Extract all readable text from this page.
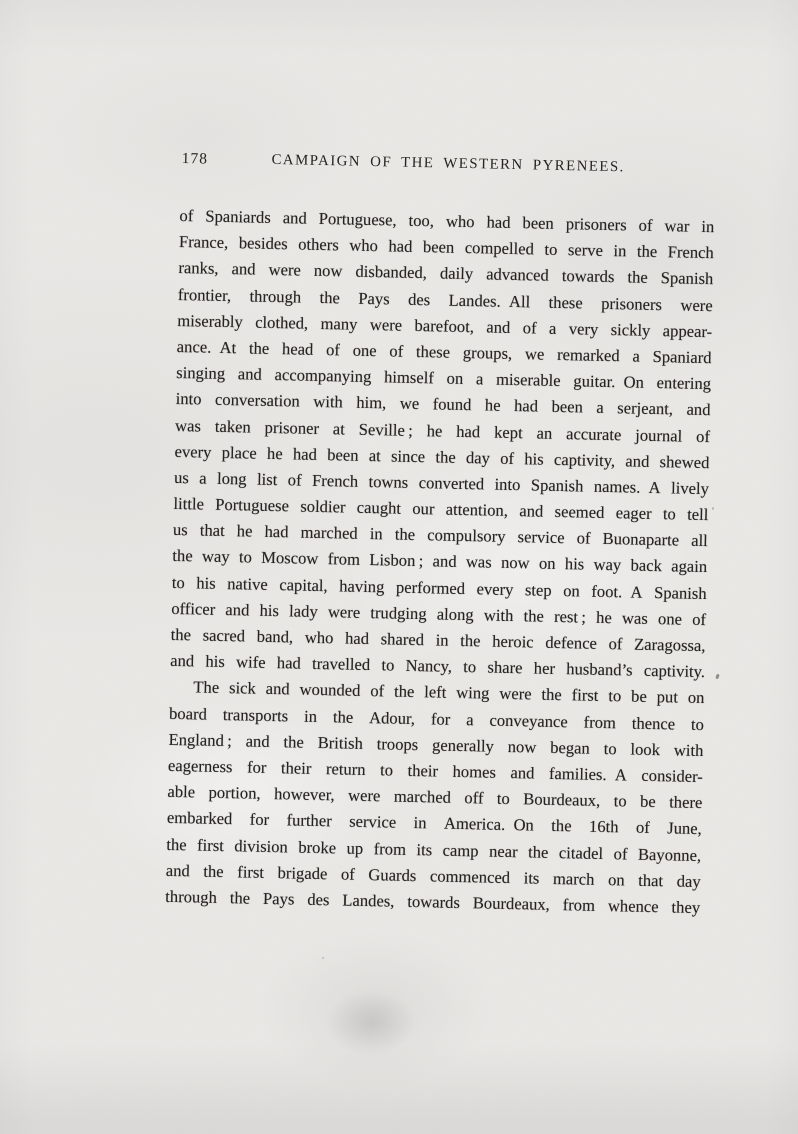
178	CAMPAIGN OF THE WESTERN PYRENEES.
of Spaniards and Portuguese, too, who had been prisoners of war in
France, besides others who had been compelled to serve in the French
ranks, and were now disbanded, daily advanced towards the Spanish
frontier, through the Pays des Landes. All these prisoners were
miserably clothed, many were barefoot, and of a very sickly appear-
ance. At the head of one of these groups, we remarked a Spaniard
singing and accompanying himself on a miserable guitar. On entering
into conversation with him, we found he had been a serjeant, and
was taken prisoner at Seville ; he had kept an accurate journal of
every place he had been at since the day of his captivity, and shewed
us a long list of French towns converted into Spanish names. A lively
little Portuguese soldier caught our attention, and seemed eager to tell
us that he had marched in the compulsory service of Buonaparte all
the way to Moscow from Lisbon ; and was now on his way back again
to his native capital, having performed every step on foot. A Spanish
officer and his lady were trudging along with the rest ; he was one of
the sacred band, who had shared in the heroic defence of Zaragossa,
and his wife had travelled to Nancy, to share her husband’s captivity.
The sick and wounded of the left wing were the first to be put on
board transports in the Adour, for a conveyance from thence to
England ; and the British troops generally now began to look with
eagerness for their return to their homes and families. A consider-
able portion, however, were marched off to Bourdeaux, to be there
embarked for further service in America. On the 16th of June,
the first division broke up from its camp near the citadel of Bayonne,
and the first brigade of Guards commenced its march on that day
through the Pays des Landes, towards Bourdeaux, from whence they
